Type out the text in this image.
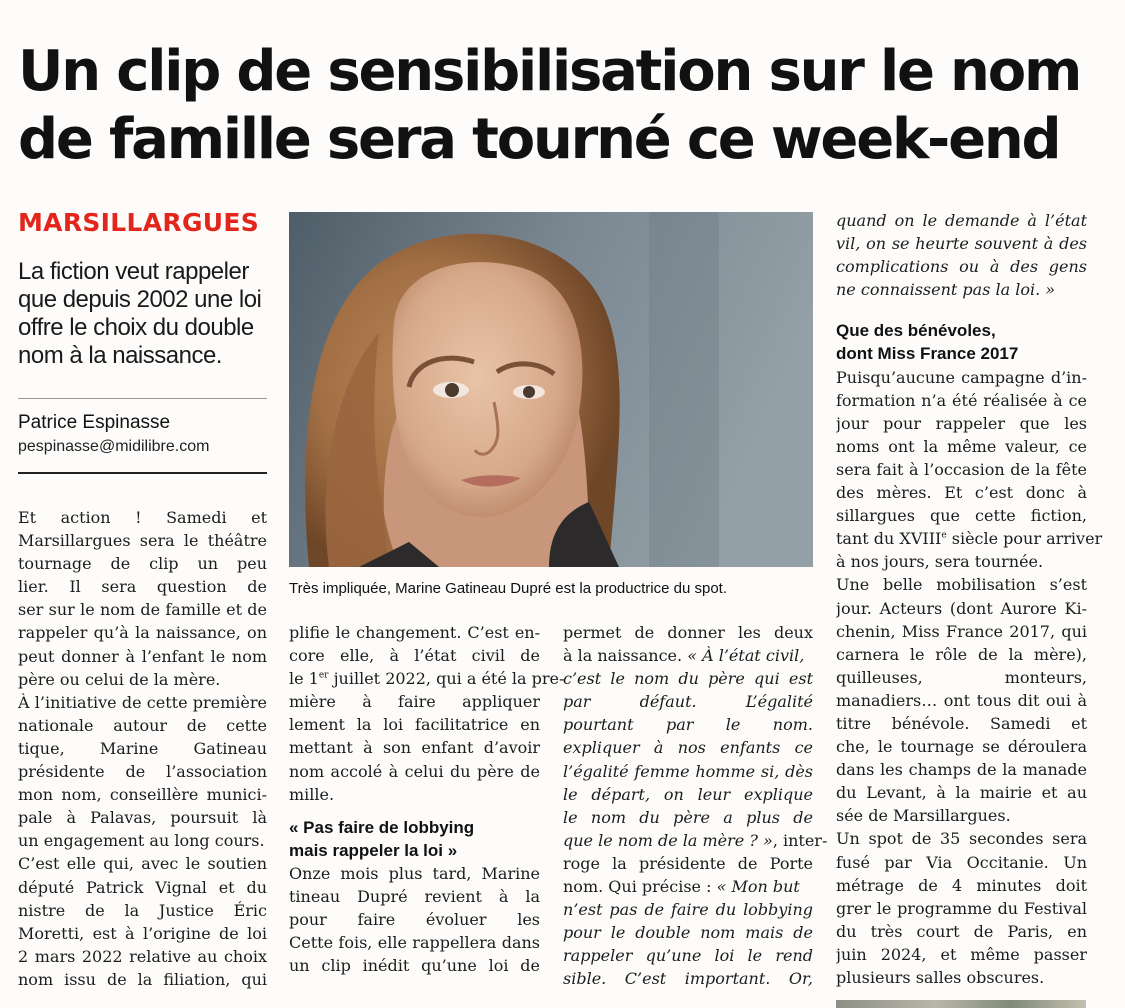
Un clip de sensibilisation sur le nom
de famille sera tourné ce week-end
MARSILLARGUES
La fiction veut rappeler
que depuis 2002 une loi
offre le choix du double
nom à la naissance.
Patrice Espinasse
pespinasse@midilibre.com
Très impliquée, Marine Gatineau Dupré est la productrice du spot.
Et action ! Samedi et
Marsillargues sera le théâtre
tournage de clip un peu
lier. Il sera question de
ser sur le nom de famille et de
rappeler qu’à la naissance, on
peut donner à l’enfant le nom
père ou celui de la mère.
À l’initiative de cette première
nationale autour de cette
tique, Marine Gatineau
présidente de l’association
mon nom, conseillère munici-
pale à Palavas, poursuit là
un engagement au long cours.
C’est elle qui, avec le soutien
député Patrick Vignal et du
nistre de la Justice Éric
Moretti, est à l’origine de loi
2 mars 2022 relative au choix
nom issu de la filiation, qui
plifie le changement. C’est en-
core elle, à l’état civil de
le 1er juillet 2022, qui a été la pre-
mière à faire appliquer
lement la loi facilitatrice en
mettant à son enfant d’avoir
nom accolé à celui du père de
mille.
« Pas faire de lobbying
mais rappeler la loi »
Onze mois plus tard, Marine
tineau Dupré revient à la
pour faire évoluer les
Cette fois, elle rappellera dans
un clip inédit qu’une loi de
permet de donner les deux
à la naissance. « À l’état civil,
c’est le nom du père qui est
par défaut. L’égalité
pourtant par le nom.
expliquer à nos enfants ce
l’égalité femme homme si, dès
le départ, on leur explique
le nom du père a plus de
que le nom de la mère ? », inter-
roge la présidente de Porte
nom. Qui précise : « Mon but
n’est pas de faire du lobbying
pour le double nom mais de
rappeler qu’une loi le rend
sible. C’est important. Or,
quand on le demande à l’état
vil, on se heurte souvent à des
complications ou à des gens
ne connaissent pas la loi. »
Que des bénévoles,
dont Miss France 2017
Puisqu’aucune campagne d’in-
formation n’a été réalisée à ce
jour pour rappeler que les
noms ont la même valeur, ce
sera fait à l’occasion de la fête
des mères. Et c’est donc à
sillargues que cette fiction,
tant du XVIIIe siècle pour arriver
à nos jours, sera tournée.
Une belle mobilisation s’est
jour. Acteurs (dont Aurore Ki-
chenin, Miss France 2017, qui
carnera le rôle de la mère),
quilleuses, monteurs,
manadiers… ont tous dit oui à
titre bénévole. Samedi et
che, le tournage se déroulera
dans les champs de la manade
du Levant, à la mairie et au
sée de Marsillargues.
Un spot de 35 secondes sera
fusé par Via Occitanie. Un
métrage de 4 minutes doit
grer le programme du Festival
du très court de Paris, en
juin 2024, et même passer
plusieurs salles obscures.
